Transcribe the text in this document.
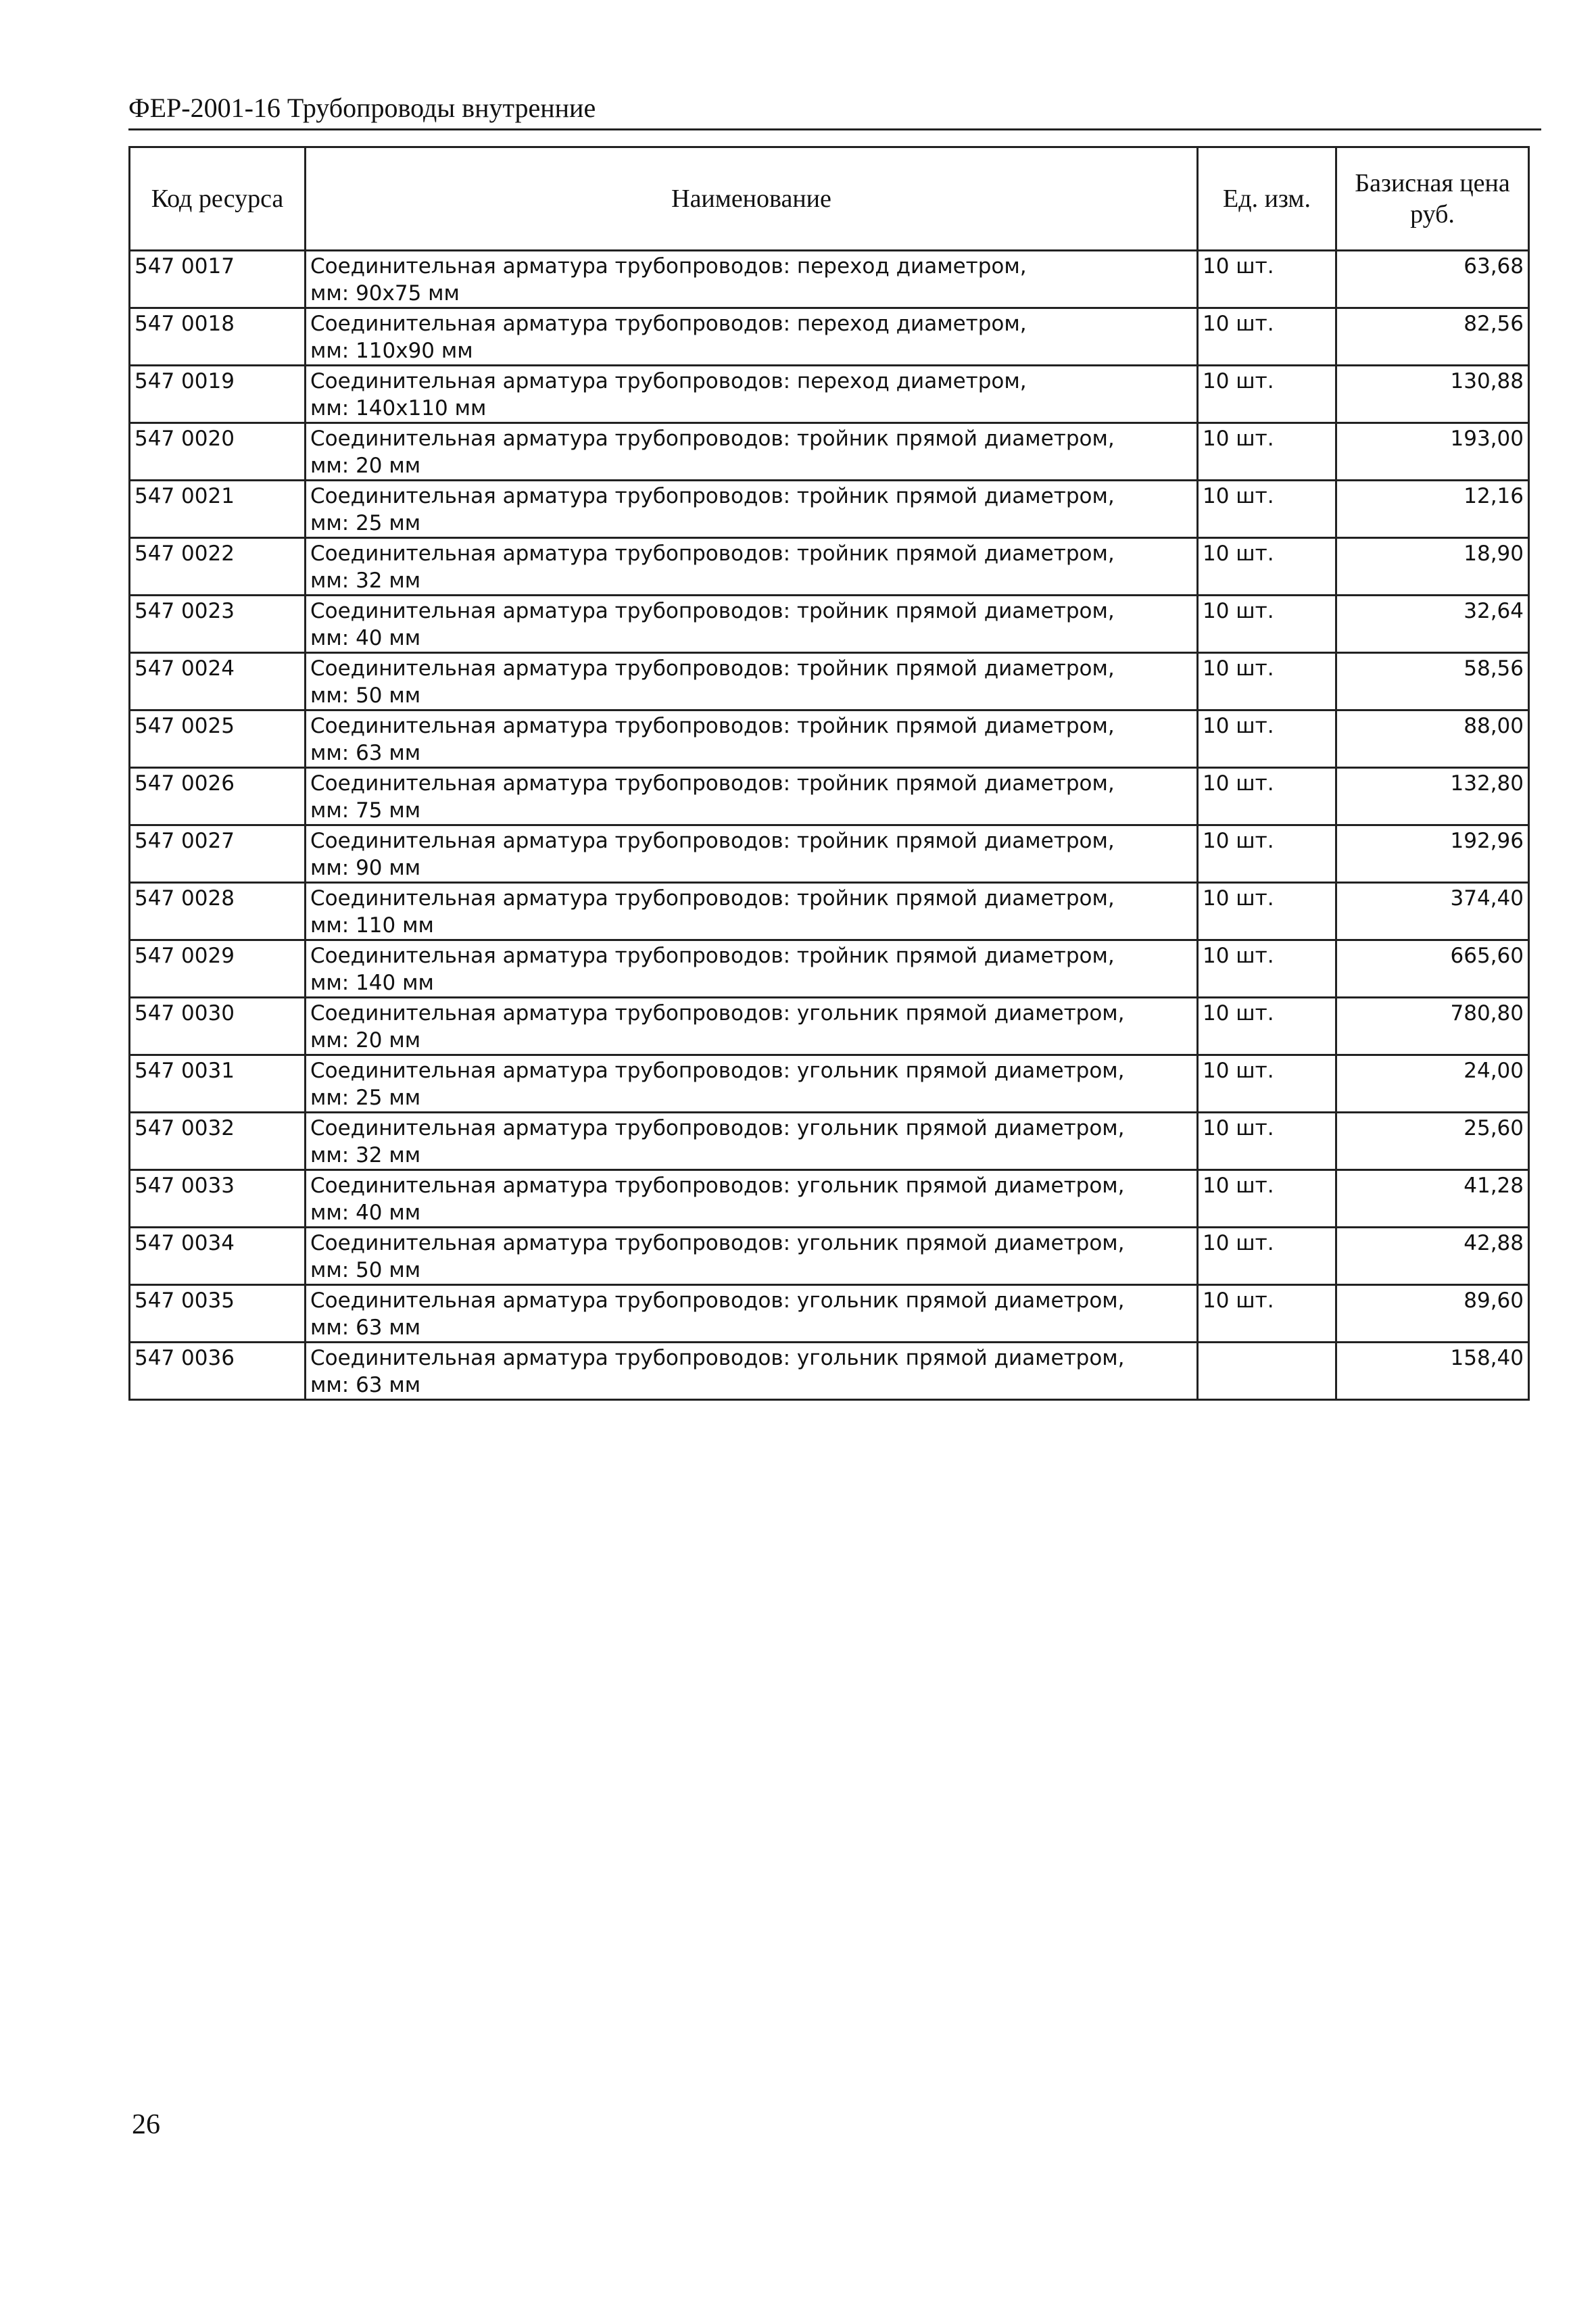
ФЕР-2001-16 Трубопроводы внутренние
Код ресурса	Наименование	Ед. изм.	Базисная цена
руб.

547 0017	Соединительная арматура трубопроводов: переход диаметром,
мм: 90х75 мм	10 шт.	63,68
547 0018	Соединительная арматура трубопроводов: переход диаметром,
мм: 110х90 мм	10 шт.	82,56
547 0019	Соединительная арматура трубопроводов: переход диаметром,
мм: 140х110 мм	10 шт.	130,88
547 0020	Соединительная арматура трубопроводов: тройник прямой диаметром,
мм: 20 мм	10 шт.	193,00
547 0021	Соединительная арматура трубопроводов: тройник прямой диаметром,
мм: 25 мм	10 шт.	12,16
547 0022	Соединительная арматура трубопроводов: тройник прямой диаметром,
мм: 32 мм	10 шт.	18,90
547 0023	Соединительная арматура трубопроводов: тройник прямой диаметром,
мм: 40 мм	10 шт.	32,64
547 0024	Соединительная арматура трубопроводов: тройник прямой диаметром,
мм: 50 мм	10 шт.	58,56
547 0025	Соединительная арматура трубопроводов: тройник прямой диаметром,
мм: 63 мм	10 шт.	88,00
547 0026	Соединительная арматура трубопроводов: тройник прямой диаметром,
мм: 75 мм	10 шт.	132,80
547 0027	Соединительная арматура трубопроводов: тройник прямой диаметром,
мм: 90 мм	10 шт.	192,96
547 0028	Соединительная арматура трубопроводов: тройник прямой диаметром,
мм: 110 мм	10 шт.	374,40
547 0029	Соединительная арматура трубопроводов: тройник прямой диаметром,
мм: 140 мм	10 шт.	665,60
547 0030	Соединительная арматура трубопроводов: угольник прямой диаметром,
мм: 20 мм	10 шт.	780,80
547 0031	Соединительная арматура трубопроводов: угольник прямой диаметром,
мм: 25 мм	10 шт.	24,00
547 0032	Соединительная арматура трубопроводов: угольник прямой диаметром,
мм: 32 мм	10 шт.	25,60
547 0033	Соединительная арматура трубопроводов: угольник прямой диаметром,
мм: 40 мм	10 шт.	41,28
547 0034	Соединительная арматура трубопроводов: угольник прямой диаметром,
мм: 50 мм	10 шт.	42,88
547 0035	Соединительная арматура трубопроводов: угольник прямой диаметром,
мм: 63 мм	10 шт.	89,60
547 0036	Соединительная арматура трубопроводов: угольник прямой диаметром,
мм: 63 мм		158,40
26
